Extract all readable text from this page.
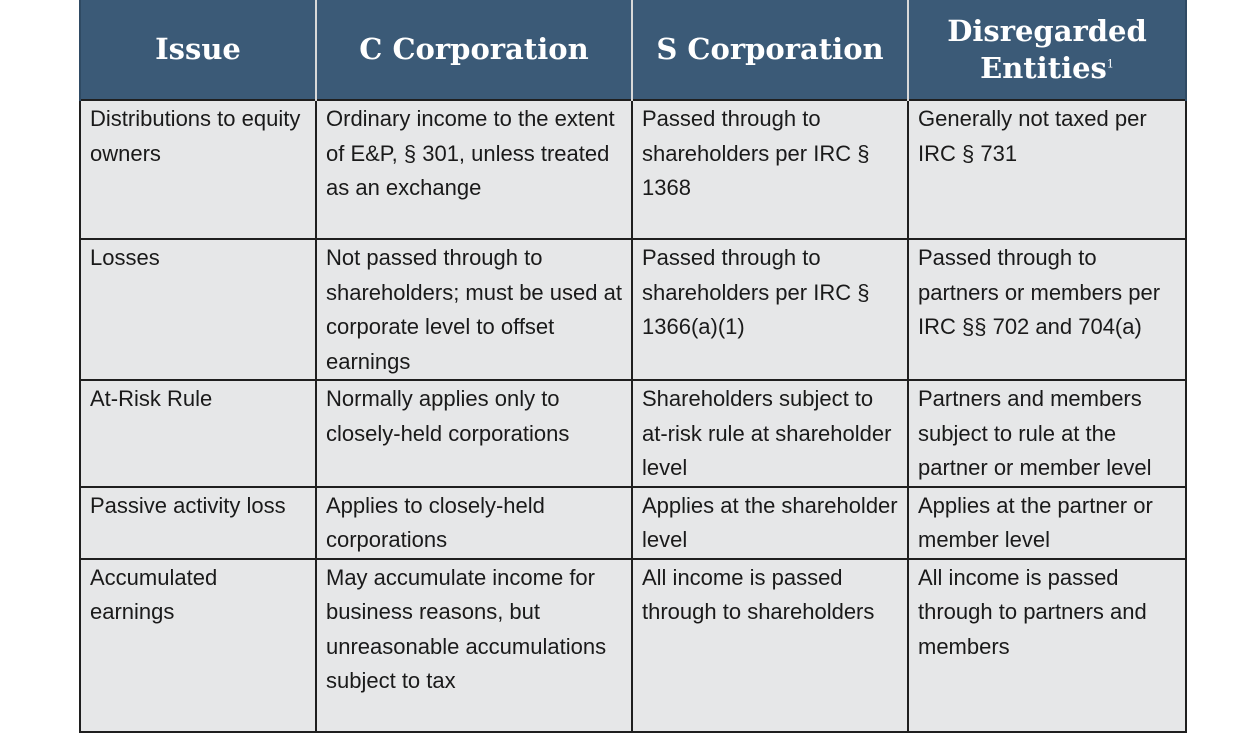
Issue	C Corporation	S Corporation	Disregarded Entities$^1$
Distributions to equity owners	Ordinary income to the extent of E&P, § 301, unless treated as an exchange	Passed through to shareholders per IRC § 1368	Generally not taxed per IRC § 731
Losses	Not passed through to shareholders; must be used at corporate level to offset earnings	Passed through to shareholders per IRC § 1366(a)(1)	Passed through to partners or members per IRC §§ 702 and 704(a)
At-Risk Rule	Normally applies only to closely-held corporations	Shareholders subject to at-risk rule at shareholder level	Partners and members subject to rule at the partner or member level
Passive activity loss	Applies to closely-held corporations	Applies at the shareholder level	Applies at the partner or member level
Accumulated earnings	May accumulate income for business reasons, but unreasonable accumulations subject to tax	All income is passed through to shareholders	All income is passed through to partners and members
